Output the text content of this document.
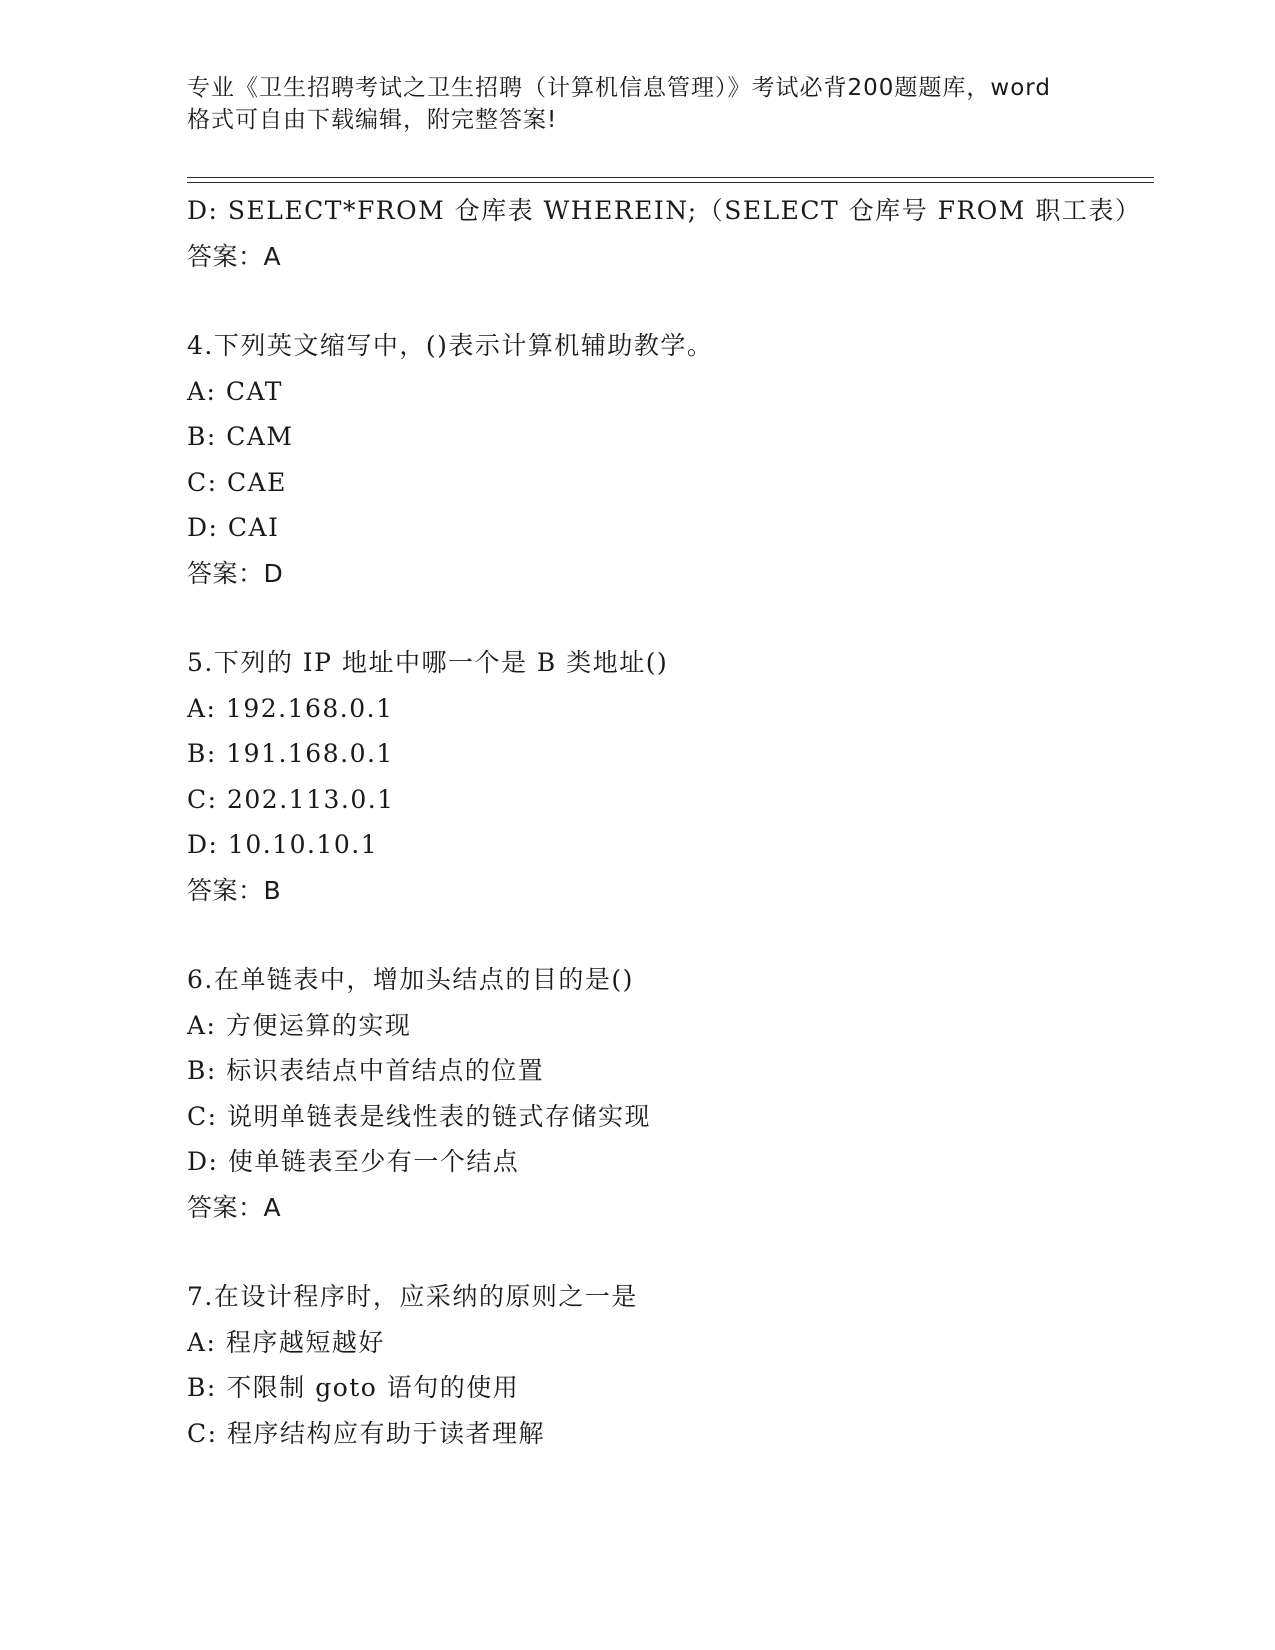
专业《卫生招聘考试之卫生招聘（计算机信息管理）》考试必背200题题库，word
格式可自由下载编辑，附完整答案!
D: SELECT*FROM 仓库表 WHEREIN;（SELECT 仓库号 FROM 职工表）
答案：A
4.下列英文缩写中，()表示计算机辅助教学。
A: CAT
B: CAM
C: CAE
D: CAI
答案：D
5.下列的 IP 地址中哪一个是 B 类地址()
A: 192.168.0.1
B: 191.168.0.1
C: 202.113.0.1
D: 10.10.10.1
答案：B
6.在单链表中，增加头结点的目的是()
A: 方便运算的实现
B: 标识表结点中首结点的位置
C: 说明单链表是线性表的链式存储实现
D: 使单链表至少有一个结点
答案：A
7.在设计程序时，应采纳的原则之一是
A: 程序越短越好
B: 不限制 goto 语句的使用
C: 程序结构应有助于读者理解
